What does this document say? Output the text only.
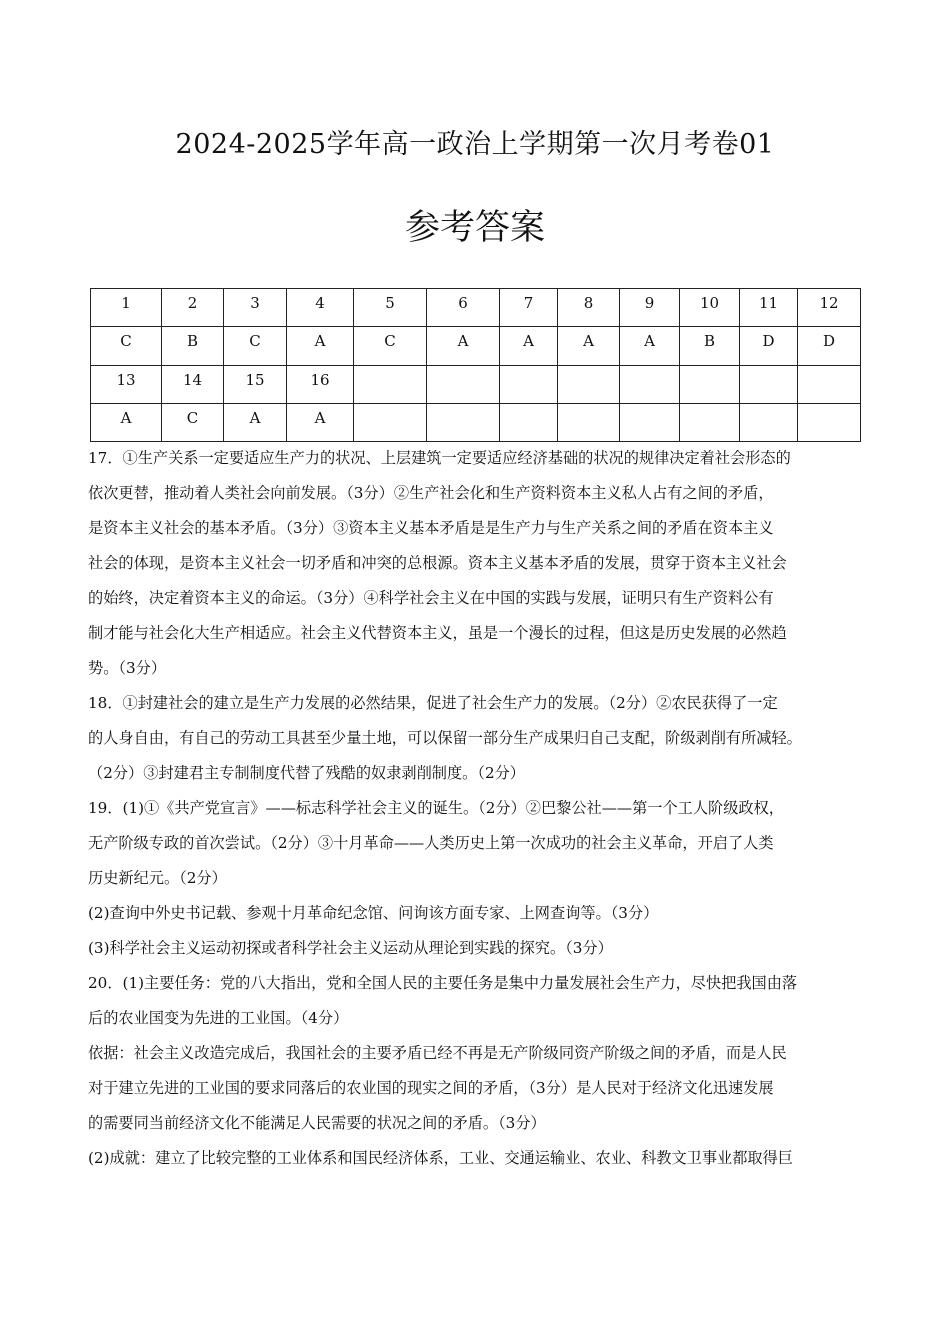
2024-2025学年高一政治上学期第一次月考卷01
参考答案
1	2	3	4	5	6	7	8	9	10	11	12
C	B	C	A	C	A	A	A	A	B	D	D
13	14	15	16								
A	C	A	A								

17．①生产关系一定要适应生产力的状况、上层建筑一定要适应经济基础的状况的规律决定着社会形态的

依次更替，推动着人类社会向前发展。（3分）②生产社会化和生产资料资本主义私人占有之间的矛盾，

是资本主义社会的基本矛盾。（3分）③资本主义基本矛盾是是生产力与生产关系之间的矛盾在资本主义

社会的体现，是资本主义社会一切矛盾和冲突的总根源。资本主义基本矛盾的发展，贯穿于资本主义社会

的始终，决定着资本主义的命运。（3分）④科学社会主义在中国的实践与发展，证明只有生产资料公有

制才能与社会化大生产相适应。社会主义代替资本主义，虽是一个漫长的过程，但这是历史发展的必然趋

势。（3分）

18．①封建社会的建立是生产力发展的必然结果，促进了社会生产力的发展。（2分）②农民获得了一定

的人身自由，有自己的劳动工具甚至少量土地，可以保留一部分生产成果归自己支配，阶级剥削有所减轻。

（2分）③封建君主专制制度代替了残酷的奴隶剥削制度。（2分）

19．(1)①《共产党宣言》——标志科学社会主义的诞生。（2分）②巴黎公社——第一个工人阶级政权，

无产阶级专政的首次尝试。（2分）③十月革命——人类历史上第一次成功的社会主义革命，开启了人类

历史新纪元。（2分）

(2)查询中外史书记载、参观十月革命纪念馆、问询该方面专家、上网查询等。（3分）

(3)科学社会主义运动初探或者科学社会主义运动从理论到实践的探究。（3分）

20．(1)主要任务：党的八大指出，党和全国人民的主要任务是集中力量发展社会生产力，尽快把我国由落

后的农业国变为先进的工业国。（4分）

依据：社会主义改造完成后，我国社会的主要矛盾已经不再是无产阶级同资产阶级之间的矛盾，而是人民

对于建立先进的工业国的要求同落后的农业国的现实之间的矛盾，（3分）是人民对于经济文化迅速发展

的需要同当前经济文化不能满足人民需要的状况之间的矛盾。（3分）

(2)成就：建立了比较完整的工业体系和国民经济体系，工业、交通运输业、农业、科教文卫事业都取得巨
